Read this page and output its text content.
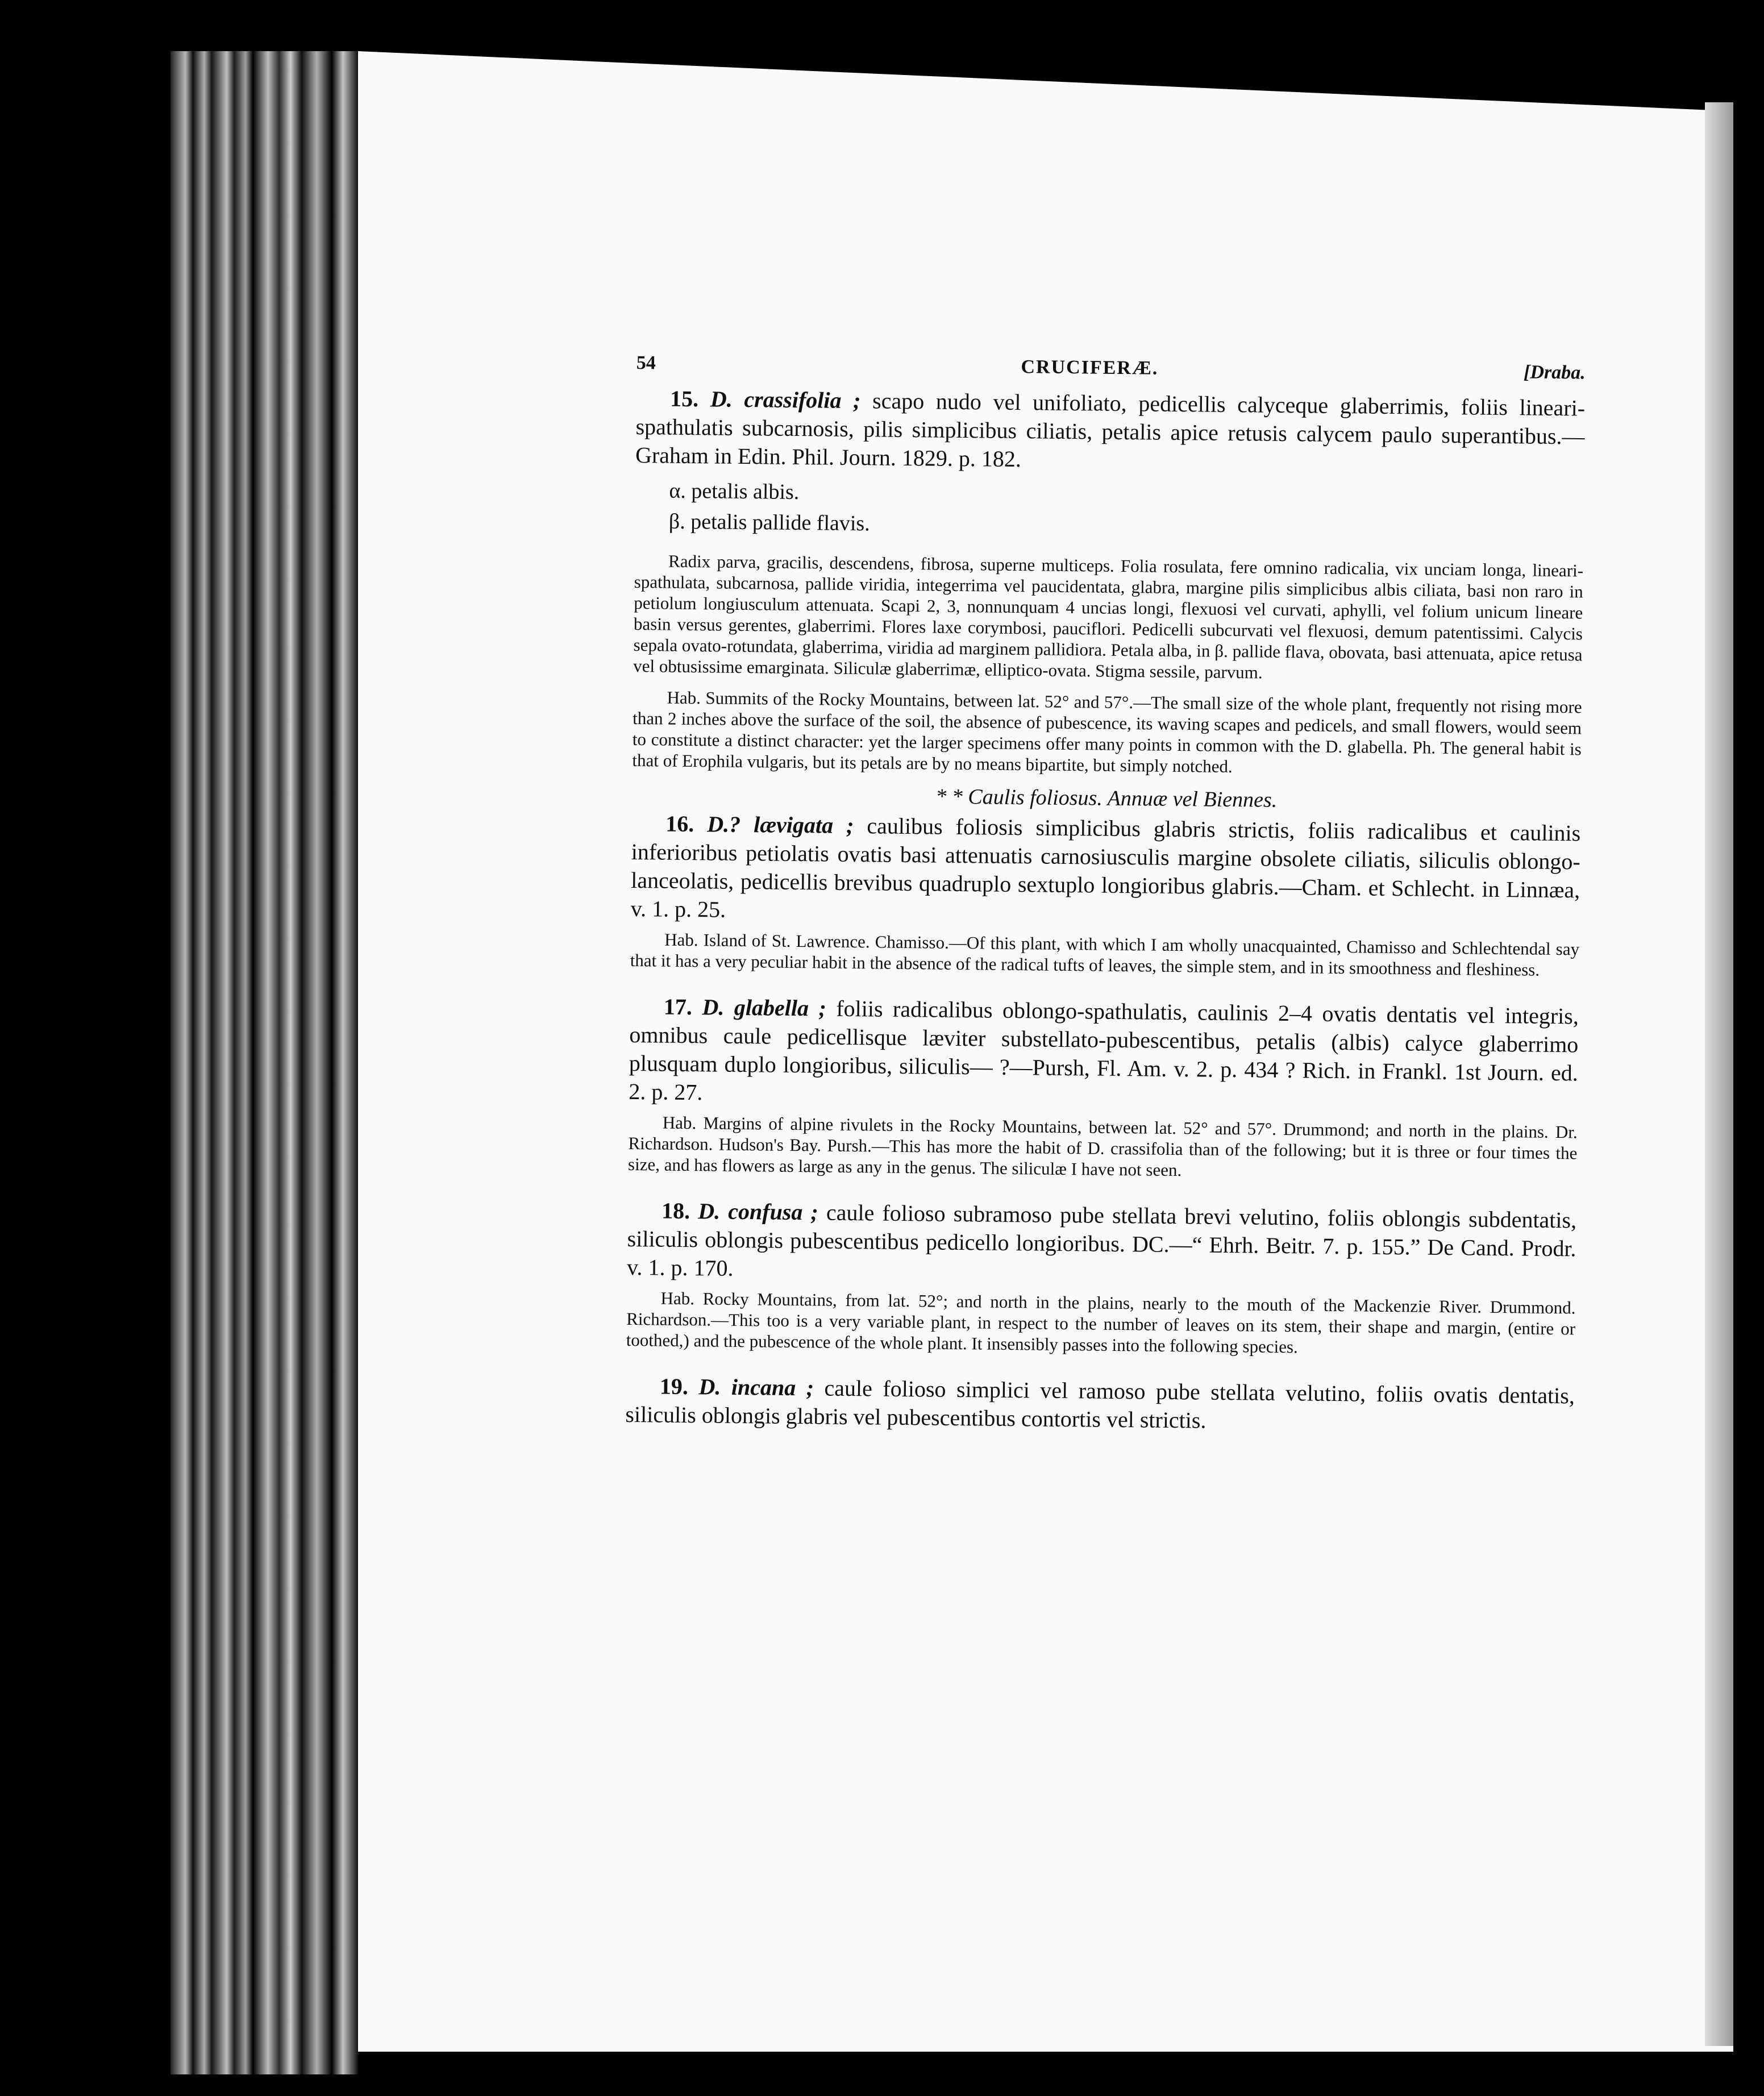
54	CRUCIFERÆ.	[Draba.

15. D. crassifolia ; scapo nudo vel unifoliato, pedicellis calyceque glaberrimis, foliis lineari-spathulatis subcarnosis, pilis simplicibus ciliatis, petalis apice retusis calycem paulo superantibus.—Graham in Edin. Phil. Journ. 1829. p. 182.

α. petalis albis.
β. petalis pallide flavis.

Radix parva, gracilis, descendens, fibrosa, superne multiceps. Folia rosulata, fere omnino radicalia, vix unciam longa, lineari-spathulata, subcarnosa, pallide viridia, integerrima vel paucidentata, glabra, margine pilis simplicibus albis ciliata, basi non raro in petiolum longiusculum attenuata. Scapi 2, 3, nonnunquam 4 uncias longi, flexuosi vel curvati, aphylli, vel folium unicum lineare basin versus gerentes, glaberrimi. Flores laxe corymbosi, pauciflori. Pedicelli subcurvati vel flexuosi, demum patentissimi. Calycis sepala ovato-rotundata, glaberrima, viridia ad marginem pallidiora. Petala alba, in β. pallide flava, obovata, basi attenuata, apice retusa vel obtusissime emarginata. Siliculæ glaberrimæ, elliptico-ovata. Stigma sessile, parvum.

Hab. Summits of the Rocky Mountains, between lat. 52° and 57°.—The small size of the whole plant, frequently not rising more than 2 inches above the surface of the soil, the absence of pubescence, its waving scapes and pedicels, and small flowers, would seem to constitute a distinct character: yet the larger specimens offer many points in common with the D. glabella. Ph. The general habit is that of Erophila vulgaris, but its petals are by no means bipartite, but simply notched.

* * Caulis foliosus. Annuæ vel Biennes.

16. D.? lævigata ; caulibus foliosis simplicibus glabris strictis, foliis radicalibus et caulinis inferioribus petiolatis ovatis basi attenuatis carnosiusculis margine obsolete ciliatis, siliculis oblongo-lanceolatis, pedicellis brevibus quadruplo sextuplo longioribus glabris.—Cham. et Schlecht. in Linnæa, v. 1. p. 25.

Hab. Island of St. Lawrence. Chamisso.—Of this plant, with which I am wholly unacquainted, Chamisso and Schlechtendal say that it has a very peculiar habit in the absence of the radical tufts of leaves, the simple stem, and in its smoothness and fleshiness.

17. D. glabella ; foliis radicalibus oblongo-spathulatis, caulinis 2–4 ovatis dentatis vel integris, omnibus caule pedicellisque læviter substellato-pubescentibus, petalis (albis) calyce glaberrimo plusquam duplo longioribus, siliculis— ?—Pursh, Fl. Am. v. 2. p. 434 ? Rich. in Frankl. 1st Journ. ed. 2. p. 27.

Hab. Margins of alpine rivulets in the Rocky Mountains, between lat. 52° and 57°. Drummond; and north in the plains. Dr. Richardson. Hudson's Bay. Pursh.—This has more the habit of D. crassifolia than of the following; but it is three or four times the size, and has flowers as large as any in the genus. The siliculæ I have not seen.

18. D. confusa ; caule folioso subramoso pube stellata brevi velutino, foliis oblongis subdentatis, siliculis oblongis pubescentibus pedicello longioribus. DC.—“ Ehrh. Beitr. 7. p. 155.” De Cand. Prodr. v. 1. p. 170.

Hab. Rocky Mountains, from lat. 52°; and north in the plains, nearly to the mouth of the Mackenzie River. Drummond. Richardson.—This too is a very variable plant, in respect to the number of leaves on its stem, their shape and margin, (entire or toothed,) and the pubescence of the whole plant. It insensibly passes into the following species.

19. D. incana ; caule folioso simplici vel ramoso pube stellata velutino, foliis ovatis dentatis, siliculis oblongis glabris vel pubescentibus contortis vel strictis.
